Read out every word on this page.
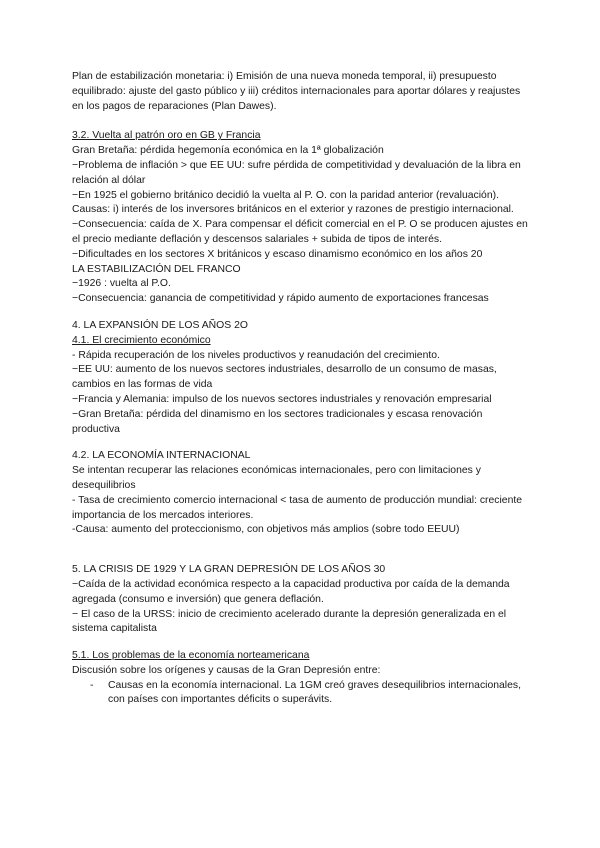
Plan de estabilización monetaria: i) Emisión de una nueva moneda temporal, ii) presupuesto equilibrado: ajuste del gasto público y iii) créditos internacionales para aportar dólares y reajustes en los pagos de reparaciones (Plan Dawes).

3.2. Vuelta al patrón oro en GB y Francia

Gran Bretaña: pérdida hegemonía económica en la 1ª globalización

−Problema de inflación > que EE UU: sufre pérdida de competitividad y devaluación de la libra en relación al dólar

−En 1925 el gobierno británico decidió la vuelta al P. O. con la paridad anterior (revaluación). Causas: i) interés de los inversores británicos en el exterior y razones de prestigio internacional.

−Consecuencia: caída de X. Para compensar el déficit comercial en el P. O se producen ajustes en el precio mediante deflación y descensos salariales + subida de tipos de interés.

−Dificultades en los sectores X británicos y escaso dinamismo económico en los años 20

LA ESTABILIZACIÓN DEL FRANCO

−1926 : vuelta al P.O.

−Consecuencia: ganancia de competitividad y rápido aumento de exportaciones francesas

4. LA EXPANSIÓN DE LOS AÑOS 2O

4.1. El crecimiento económico

- Rápida recuperación de los niveles productivos y reanudación del crecimiento.

−EE UU: aumento de los nuevos sectores industriales, desarrollo de un consumo de masas, cambios en las formas de vida

−Francia y Alemania: impulso de los nuevos sectores industriales y renovación empresarial

−Gran Bretaña: pérdida del dinamismo en los sectores tradicionales y escasa renovación productiva

4.2. LA ECONOMÍA INTERNACIONAL

Se intentan recuperar las relaciones económicas internacionales, pero con limitaciones y desequilibrios

- Tasa de crecimiento comercio internacional < tasa de aumento de producción mundial: creciente importancia de los mercados interiores.

-Causa: aumento del proteccionismo, con objetivos más amplios (sobre todo EEUU)

5. LA CRISIS DE 1929 Y LA GRAN DEPRESIÓN DE LOS AÑOS 30

−Caída de la actividad económica respecto a la capacidad productiva por caída de la demanda agregada (consumo e inversión) que genera deflación.

− El caso de la URSS: inicio de crecimiento acelerado durante la depresión generalizada en el sistema capitalista

5.1. Los problemas de la economía norteamericana

Discusión sobre los orígenes y causas de la Gran Depresión entre:

-	Causas en la economía internacional. La 1GM creó graves desequilibrios internacionales, con países con importantes déficits o superávits.
